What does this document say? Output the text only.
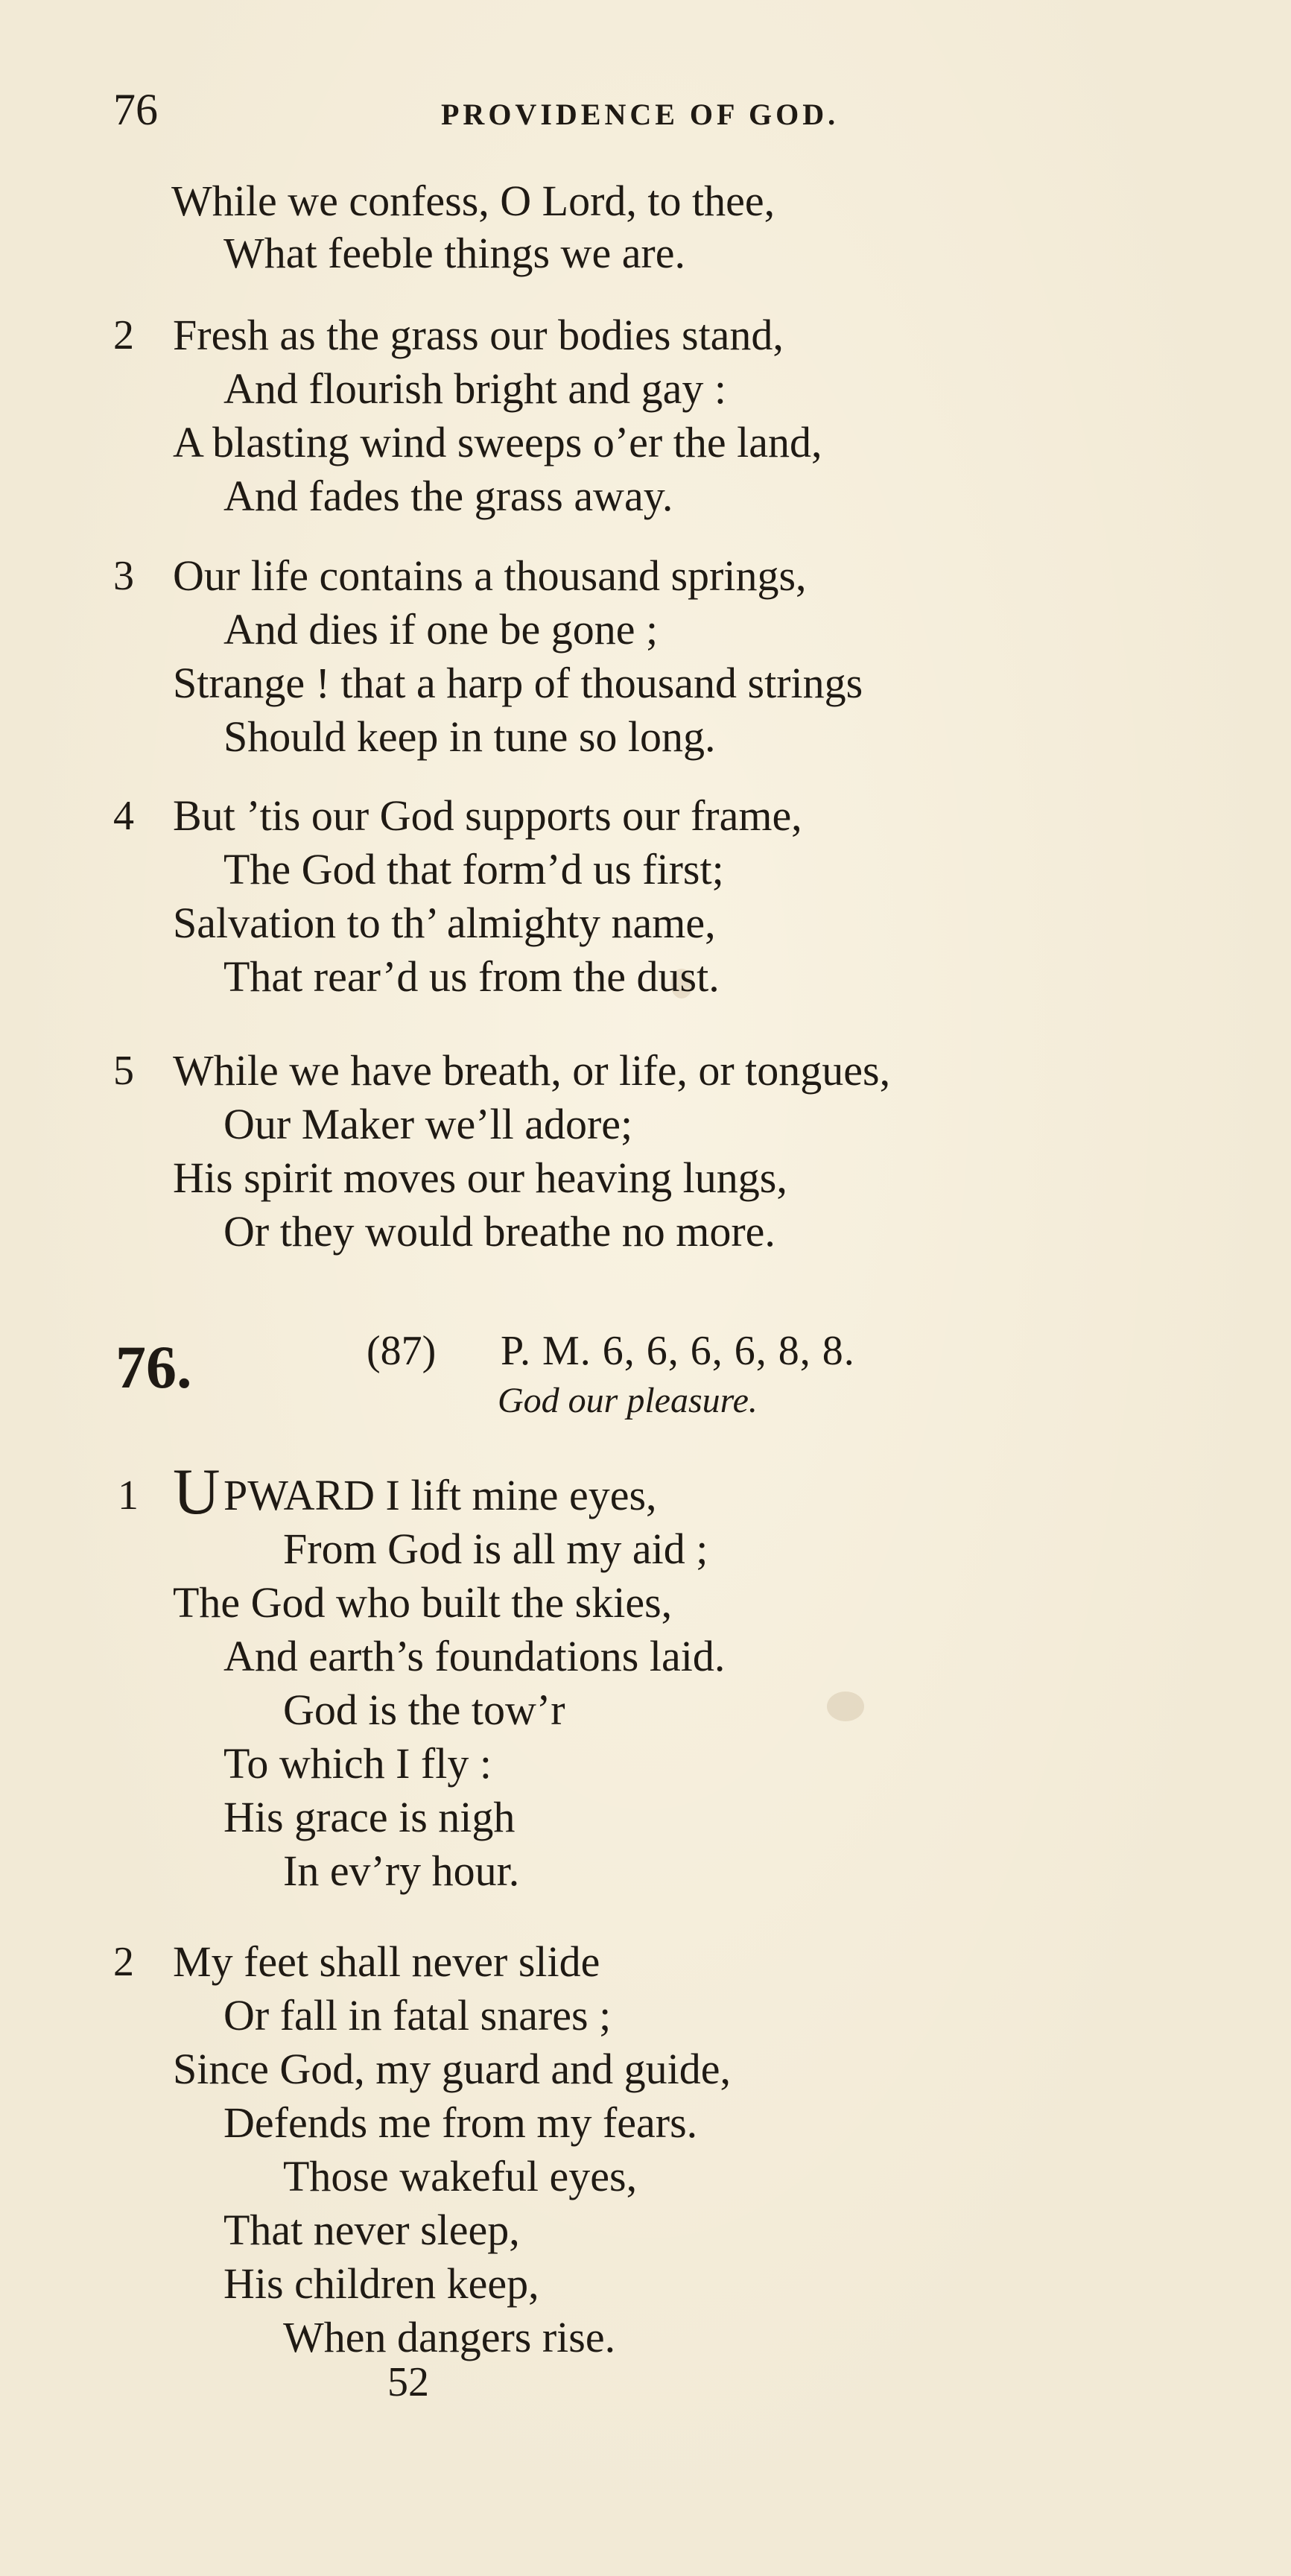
76	PROVIDENCE OF GOD.
While we confess, O Lord, to thee,
What feeble things we are.
2 Fresh as the grass our bodies stand,
And flourish bright and gay :
A blasting wind sweeps o’er the land,
And fades the grass away.
3 Our life contains a thousand springs,
And dies if one be gone ;
Strange ! that a harp of thousand strings
Should keep in tune so long.
4 But ’tis our God supports our frame,
The God that form’d us first;
Salvation to th’ almighty name,
That rear’d us from the dust.
5 While we have breath, or life, or tongues,
Our Maker we’ll adore;
His spirit moves our heaving lungs,
Or they would breathe no more.
76.	(87) P. M. 6, 6, 6, 6, 8, 8.
God our pleasure.
1 U PWARD I lift mine eyes,
From God is all my aid ;
The God who built the skies,
And earth’s foundations laid.
God is the tow’r
To which I fly :
His grace is nigh
In ev’ry hour.
2 My feet shall never slide
Or fall in fatal snares ;
Since God, my guard and guide,
Defends me from my fears.
Those wakeful eyes,
That never sleep,
His children keep,
When dangers rise.
52
